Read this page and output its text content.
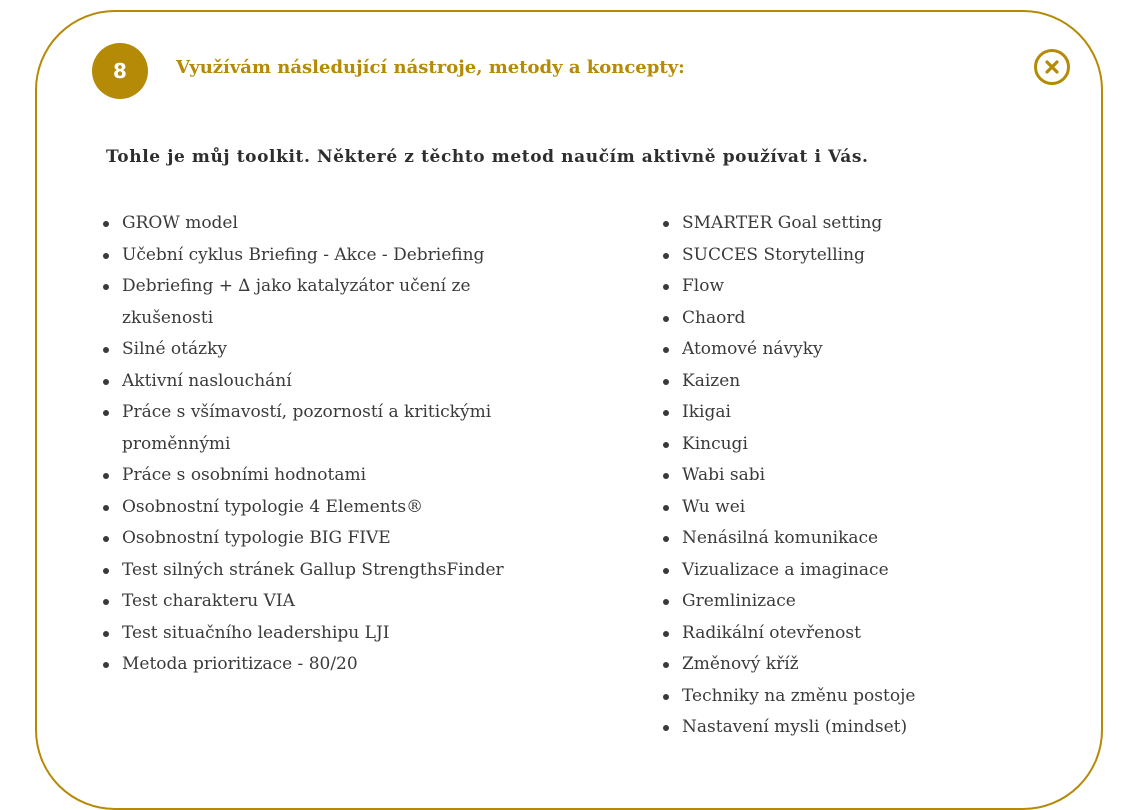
8	Využívám následující nástroje, metody a koncepty:
Tohle je můj toolkit. Některé z těchto metod naučím aktivně používat i Vás.
GROW model
Učební cyklus Briefing - Akce - Debriefing
Debriefing + ∆ jako katalyzátor učení ze zkušenosti
Silné otázky
Aktivní naslouchání
Práce s všímavostí, pozorností a kritickými proměnnými
Práce s osobními hodnotami
Osobnostní typologie 4 Elements®
Osobnostní typologie BIG FIVE
Test silných stránek Gallup StrengthsFinder
Test charakteru VIA
Test situačního leadershipu LJI
Metoda prioritizace - 80/20
SMARTER Goal setting
SUCCES Storytelling
Flow
Chaord
Atomové návyky
Kaizen
Ikigai
Kincugi
Wabi sabi
Wu wei
Nenásilná komunikace
Vizualizace a imaginace
Gremlinizace
Radikální otevřenost
Změnový kříž
Techniky na změnu postoje
Nastavení mysli (mindset)
